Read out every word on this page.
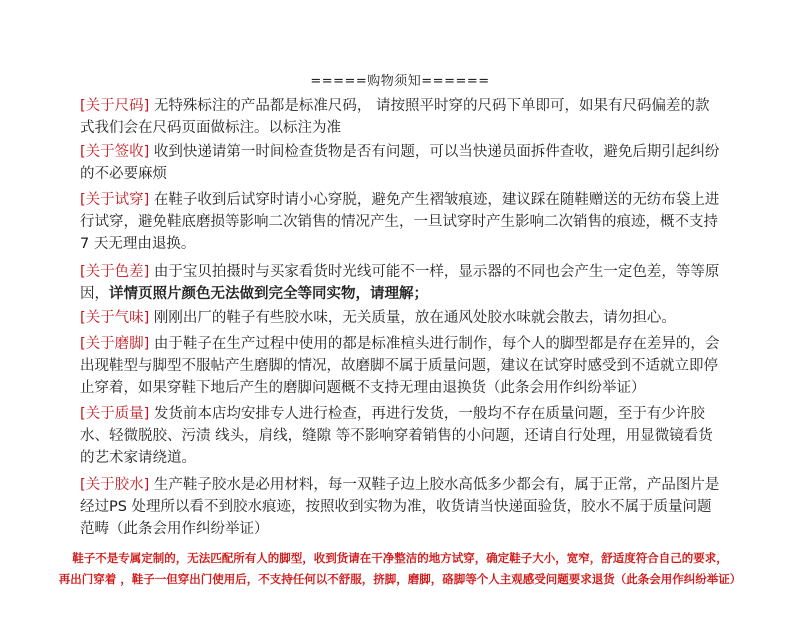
=====购物须知======
[关于尺码] 无特殊标注的产品都是标准尺码， 请按照平时穿的尺码下单即可，如果有尺码偏差的款式我们会在尺码页面做标注。以标注为准
[关于签收] 收到快递请第一时间检查货物是否有问题，可以当快递员面拆件查收，避免后期引起纠纷的不必要麻烦
[关于试穿] 在鞋子收到后试穿时请小心穿脱，避免产生褶皱痕迹，建议踩在随鞋赠送的无纺布袋上进行试穿，避免鞋底磨损等影响二次销售的情况产生，一旦试穿时产生影响二次销售的痕迹，概不支持 7 天无理由退换。
[关于色差] 由于宝贝拍摄时与买家看货时光线可能不一样，显示器的不同也会产生一定色差，等等原因，详情页照片颜色无法做到完全等同实物，请理解；
[关于气味] 刚刚出厂的鞋子有些胶水味，无关质量，放在通风处胶水味就会散去，请勿担心。
[关于磨脚] 由于鞋子在生产过程中使用的都是标准楦头进行制作，每个人的脚型都是存在差异的，会出现鞋型与脚型不服帖产生磨脚的情况，故磨脚不属于质量问题，建议在试穿时感受到不适就立即停止穿着，如果穿鞋下地后产生的磨脚问题概不支持无理由退换货（此条会用作纠纷举证）
[关于质量] 发货前本店均安排专人进行检查，再进行发货，一般均不存在质量问题，至于有少许胶水、轻微脱胶、污渍 线头，肩线，缝隙 等不影响穿着销售的小问题，还请自行处理，用显微镜看货的艺术家请绕道。
[关于胶水] 生产鞋子胶水是必用材料，每一双鞋子边上胶水高低多少都会有，属于正常，产品图片是经过PS 处理所以看不到胶水痕迹，按照收到实物为准，收货请当快递面验货，胶水不属于质量问题范畴（此条会用作纠纷举证）
鞋子不是专属定制的，无法匹配所有人的脚型，收到货请在干净整洁的地方试穿，确定鞋子大小，宽窄，舒适度符合自己的要求，
再出门穿着 ，鞋子一但穿出门使用后，不支持任何以不舒服，挤脚，磨脚，硌脚等个人主观感受问题要求退货（此条会用作纠纷举证）
